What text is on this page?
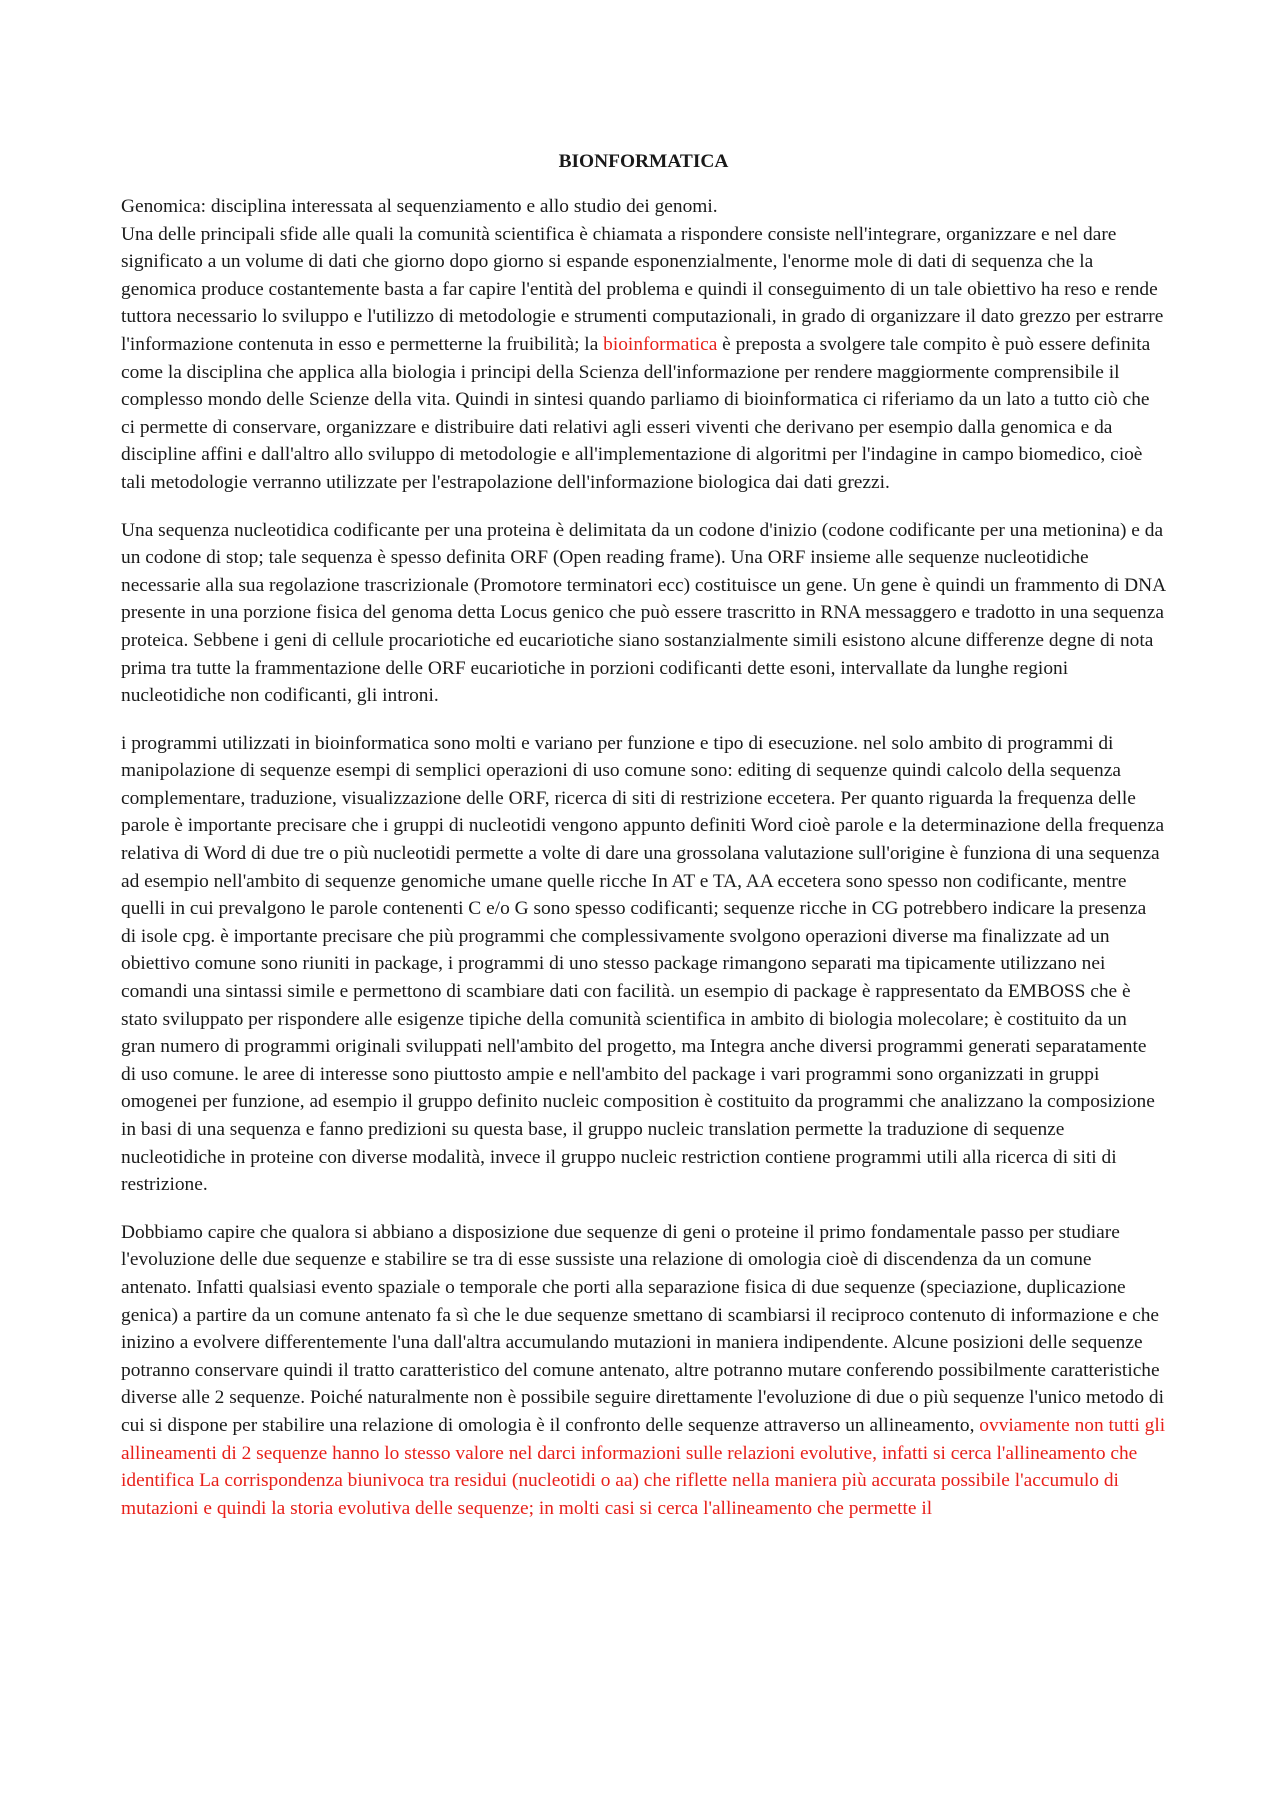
BIONFORMATICA
Genomica: disciplina interessata al sequenziamento e allo studio dei genomi.
Una delle principali sfide alle quali la comunità scientifica è chiamata a rispondere consiste nell'integrare, organizzare e nel dare significato a un volume di dati che giorno dopo giorno si espande esponenzialmente, l'enorme mole di dati di sequenza che la genomica produce costantemente basta a far capire l'entità del problema e quindi il conseguimento di un tale obiettivo ha reso e rende tuttora necessario lo sviluppo e l'utilizzo di metodologie e strumenti computazionali, in grado di organizzare il dato grezzo per estrarre l'informazione contenuta in esso e permetterne la fruibilità; la bioinformatica è preposta a svolgere tale compito è può essere definita come la disciplina che applica alla biologia i principi della Scienza dell'informazione per rendere maggiormente comprensibile il complesso mondo delle Scienze della vita. Quindi in sintesi quando parliamo di bioinformatica ci riferiamo da un lato a tutto ciò che ci permette di conservare, organizzare e distribuire dati relativi agli esseri viventi che derivano per esempio dalla genomica e da discipline affini e dall'altro allo sviluppo di metodologie e all'implementazione di algoritmi per l'indagine in campo biomedico, cioè tali metodologie verranno utilizzate per l'estrapolazione dell'informazione biologica dai dati grezzi.
Una sequenza nucleotidica codificante per una proteina è delimitata da un codone d'inizio (codone codificante per una metionina) e da un codone di stop; tale sequenza è spesso definita ORF (Open reading frame). Una ORF insieme alle sequenze nucleotidiche necessarie alla sua regolazione trascrizionale (Promotore terminatori ecc) costituisce un gene. Un gene è quindi un frammento di DNA presente in una porzione fisica del genoma detta Locus genico che può essere trascritto in RNA messaggero e tradotto in una sequenza proteica. Sebbene i geni di cellule procariotiche ed eucariotiche siano sostanzialmente simili esistono alcune differenze degne di nota prima tra tutte la frammentazione delle ORF eucariotiche in porzioni codificanti dette esoni, intervallate da lunghe regioni nucleotidiche non codificanti, gli introni.
i programmi utilizzati in bioinformatica sono molti e variano per funzione e tipo di esecuzione. nel solo ambito di programmi di manipolazione di sequenze esempi di semplici operazioni di uso comune sono: editing di sequenze quindi calcolo della sequenza complementare, traduzione, visualizzazione delle ORF, ricerca di siti di restrizione eccetera. Per quanto riguarda la frequenza delle parole è importante precisare che i gruppi di nucleotidi vengono appunto definiti Word cioè parole e la determinazione della frequenza relativa di Word di due tre o più nucleotidi permette a volte di dare una grossolana valutazione sull'origine è funziona di una sequenza ad esempio nell'ambito di sequenze genomiche umane quelle ricche In AT e TA, AA eccetera sono spesso non codificante, mentre quelli in cui prevalgono le parole contenenti C e/o G sono spesso codificanti; sequenze ricche in CG potrebbero indicare la presenza di isole cpg. è importante precisare che più programmi che complessivamente svolgono operazioni diverse ma finalizzate ad un obiettivo comune sono riuniti in package, i programmi di uno stesso package rimangono separati ma tipicamente utilizzano nei comandi una sintassi simile e permettono di scambiare dati con facilità. un esempio di package è rappresentato da EMBOSS che è stato sviluppato per rispondere alle esigenze tipiche della comunità scientifica in ambito di biologia molecolare; è costituito da un gran numero di programmi originali sviluppati nell'ambito del progetto, ma Integra anche diversi programmi generati separatamente di uso comune. le aree di interesse sono piuttosto ampie e nell'ambito del package i vari programmi sono organizzati in gruppi omogenei per funzione, ad esempio il gruppo definito nucleic composition è costituito da programmi che analizzano la composizione in basi di una sequenza e fanno predizioni su questa base, il gruppo nucleic translation permette la traduzione di sequenze nucleotidiche in proteine con diverse modalità, invece il gruppo nucleic restriction contiene programmi utili alla ricerca di siti di restrizione.
Dobbiamo capire che qualora si abbiano a disposizione due sequenze di geni o proteine il primo fondamentale passo per studiare l'evoluzione delle due sequenze e stabilire se tra di esse sussiste una relazione di omologia cioè di discendenza da un comune antenato. Infatti qualsiasi evento spaziale o temporale che porti alla separazione fisica di due sequenze (speciazione, duplicazione genica) a partire da un comune antenato fa sì che le due sequenze smettano di scambiarsi il reciproco contenuto di informazione e che inizino a evolvere differentemente l'una dall'altra accumulando mutazioni in maniera indipendente. Alcune posizioni delle sequenze potranno conservare quindi il tratto caratteristico del comune antenato, altre potranno mutare conferendo possibilmente caratteristiche diverse alle 2 sequenze. Poiché naturalmente non è possibile seguire direttamente l'evoluzione di due o più sequenze l'unico metodo di cui si dispone per stabilire una relazione di omologia è il confronto delle sequenze attraverso un allineamento, ovviamente non tutti gli allineamenti di 2 sequenze hanno lo stesso valore nel darci informazioni sulle relazioni evolutive, infatti si cerca l'allineamento che identifica La corrispondenza biunivoca tra residui (nucleotidi o aa) che riflette nella maniera più accurata possibile l'accumulo di mutazioni e quindi la storia evolutiva delle sequenze; in molti casi si cerca l'allineamento che permette il
